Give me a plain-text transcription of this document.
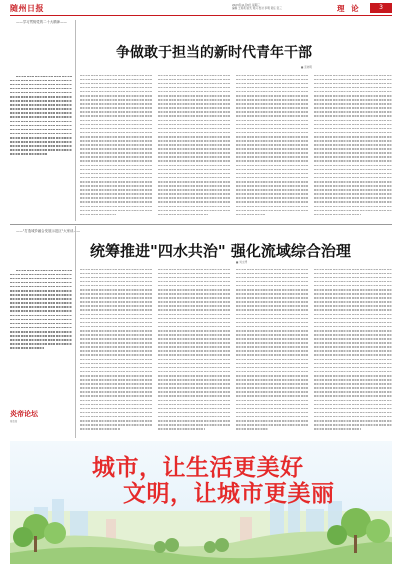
随州日报	2023年11月8日 星期三
编辑 王莉莉 版式 刘兴 校对 李明 责任 张三	理 论	3
——学习贯彻党的二十大精神——
争做敢于担当的新时代青年干部
■ 张晓明
——"打造城乡融合发展示范区"大家谈——
统筹推进"四水共治" 强化流域综合治理
■ 刘文博
炎帝论坛
编者按
城市，让生活更美好
文明，让城市更美丽
